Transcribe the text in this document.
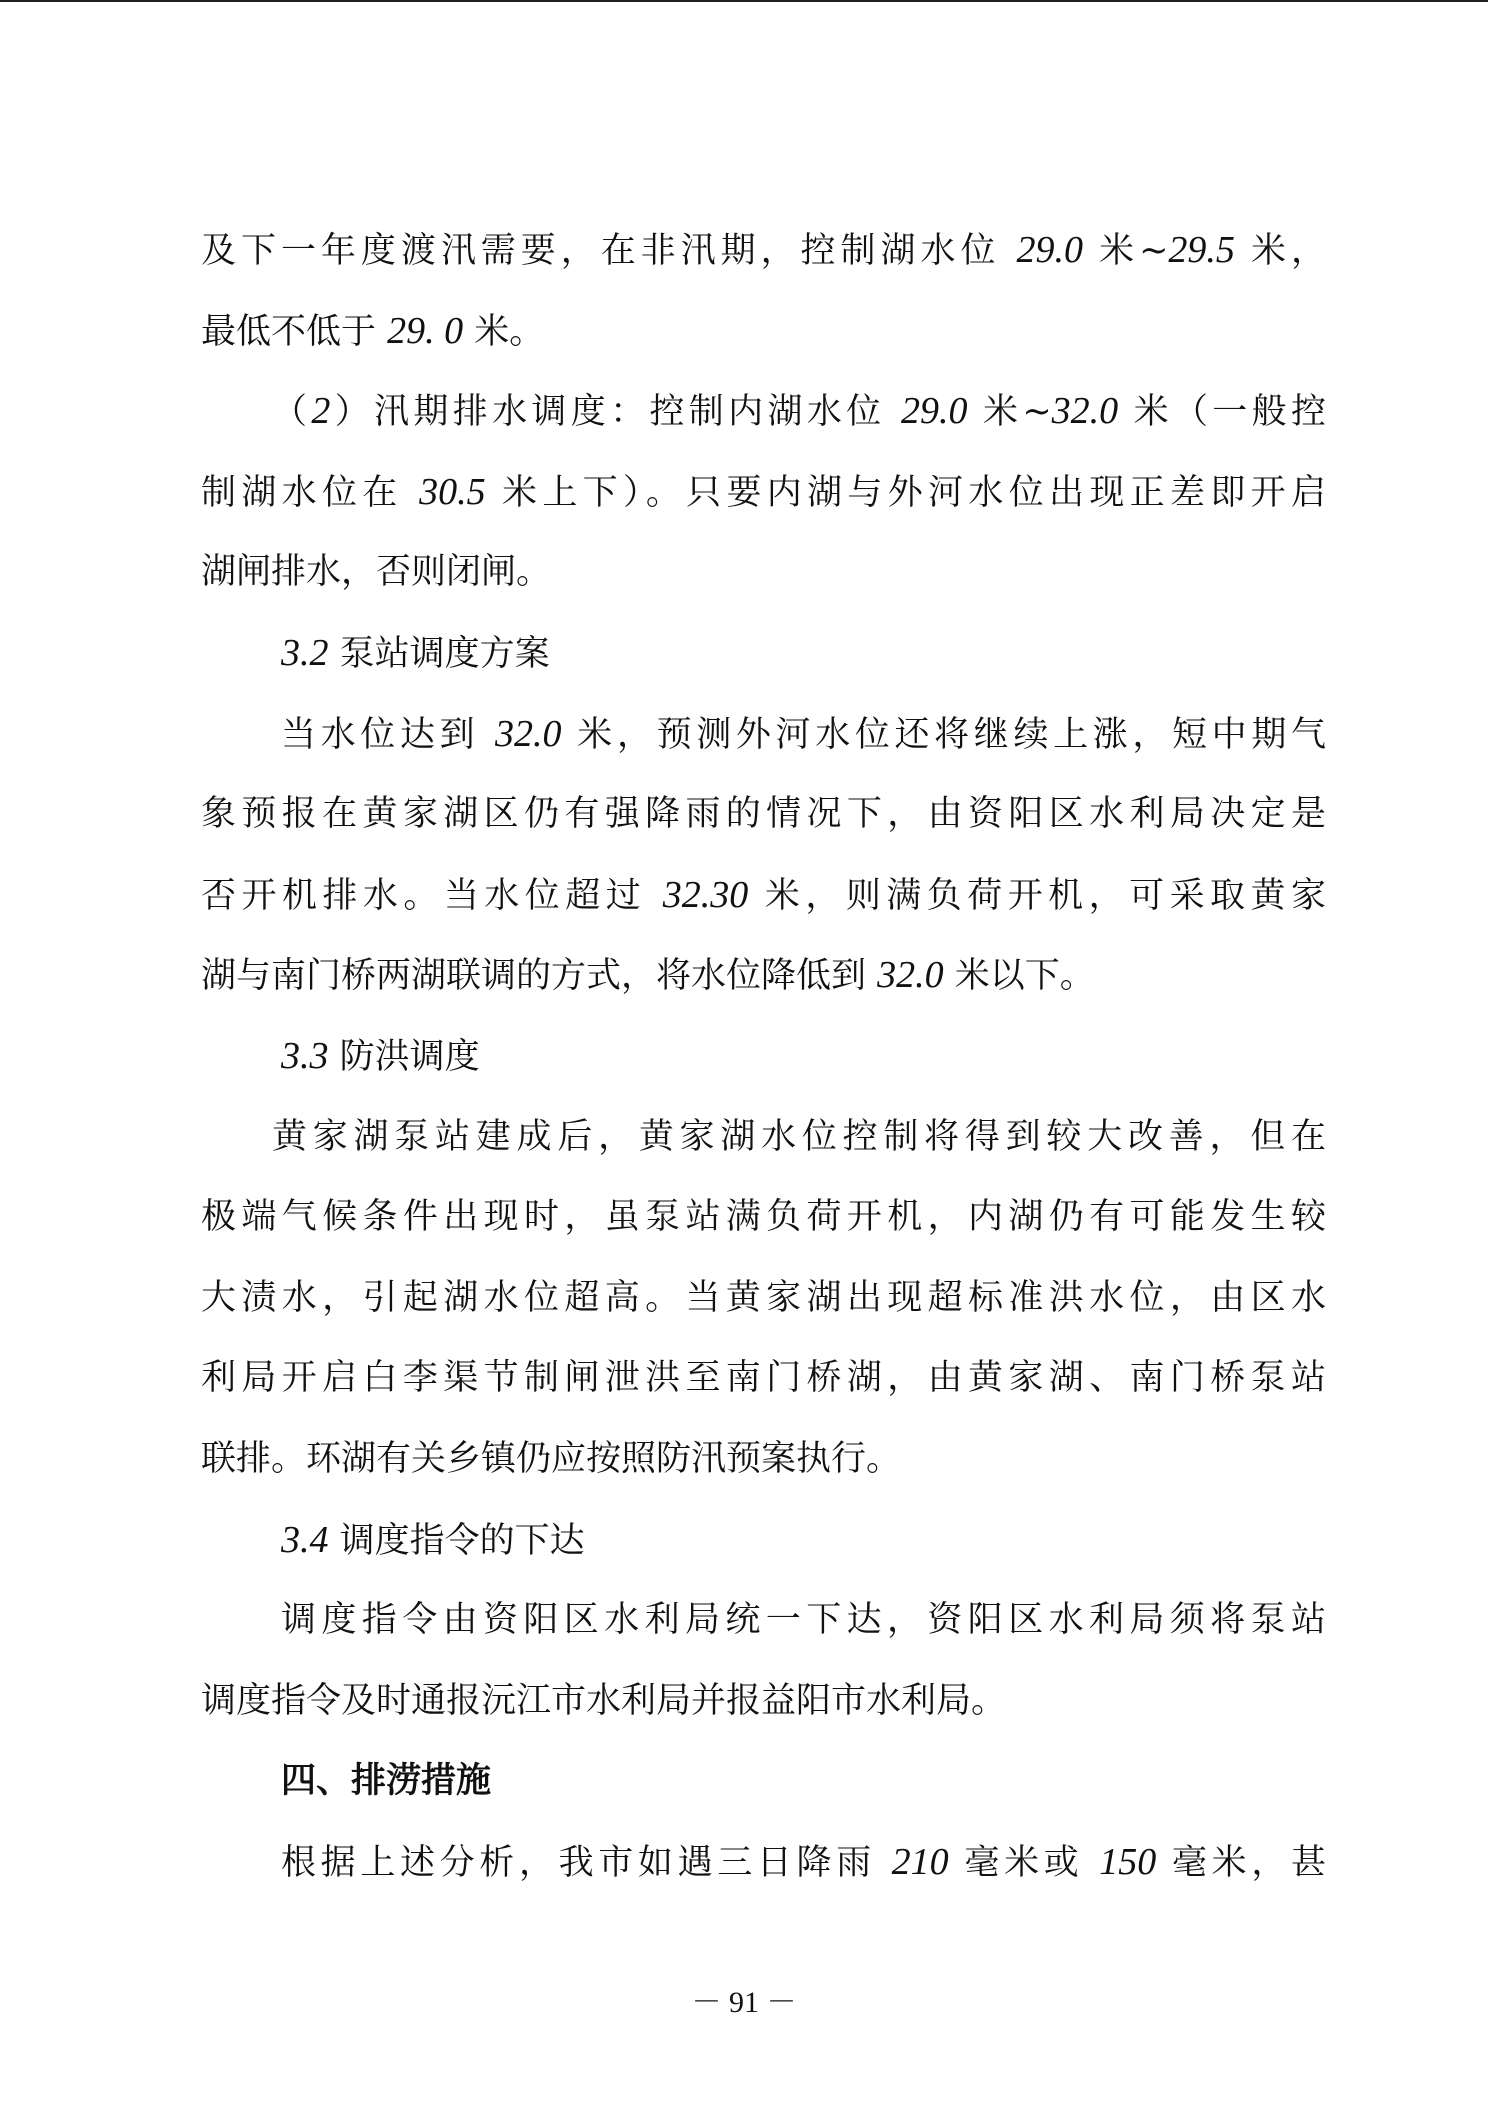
及下一年度渡汛需要，在非汛期，控制湖水位 29.0 米~29.5 米，
最低不低于 29. 0 米。
（2）汛期排水调度：控制内湖水位 29.0 米~32.0 米（一般控
制湖水位在 30.5 米上下）。只要内湖与外河水位出现正差即开启
湖闸排水，否则闭闸。
3.2 泵站调度方案
当水位达到 32.0 米，预测外河水位还将继续上涨，短中期气
象预报在黄家湖区仍有强降雨的情况下，由资阳区水利局决定是
否开机排水。当水位超过 32.30 米，则满负荷开机，可采取黄家
湖与南门桥两湖联调的方式，将水位降低到 32.0 米以下。
3.3 防洪调度
黄家湖泵站建成后，黄家湖水位控制将得到较大改善，但在
极端气候条件出现时，虽泵站满负荷开机，内湖仍有可能发生较
大渍水，引起湖水位超高。当黄家湖出现超标准洪水位，由区水
利局开启白李渠节制闸泄洪至南门桥湖，由黄家湖、南门桥泵站
联排。环湖有关乡镇仍应按照防汛预案执行。
3.4 调度指令的下达
调度指令由资阳区水利局统一下达，资阳区水利局须将泵站
调度指令及时通报沅江市水利局并报益阳市水利局。
四、排涝措施
根据上述分析，我市如遇三日降雨 210 毫米或 150 毫米，甚
－ 91 －
